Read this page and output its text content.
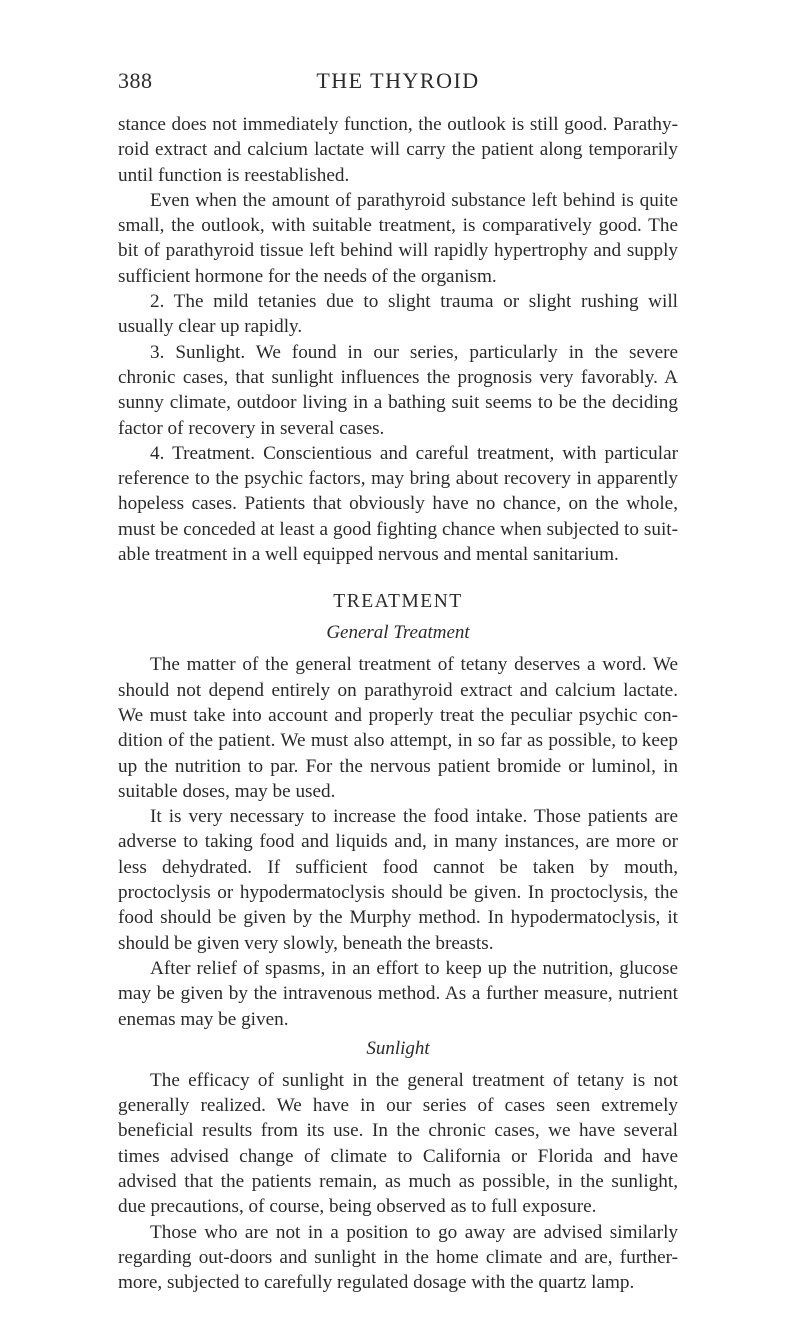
388	THE THYROID

stance does not immediately function, the outlook is still good. Parathy-roid extract and calcium lactate will carry the patient along temporarily until function is reestablished.

Even when the amount of parathyroid substance left behind is quite small, the outlook, with suitable treatment, is comparatively good. The bit of parathyroid tissue left behind will rapidly hypertrophy and supply sufficient hormone for the needs of the organism.

2. The mild tetanies due to slight trauma or slight rushing will usually clear up rapidly.

3. Sunlight. We found in our series, particularly in the severe chronic cases, that sunlight influences the prognosis very favorably. A sunny climate, outdoor living in a bathing suit seems to be the deciding factor of recovery in several cases.

4. Treatment. Conscientious and careful treatment, with particular reference to the psychic factors, may bring about recovery in apparently hopeless cases. Patients that obviously have no chance, on the whole, must be conceded at least a good fighting chance when subjected to suit-able treatment in a well equipped nervous and mental sanitarium.

TREATMENT
General Treatment

The matter of the general treatment of tetany deserves a word. We should not depend entirely on parathyroid extract and calcium lactate. We must take into account and properly treat the peculiar psychic con-dition of the patient. We must also attempt, in so far as possible, to keep up the nutrition to par. For the nervous patient bromide or luminol, in suitable doses, may be used.

It is very necessary to increase the food intake. Those patients are adverse to taking food and liquids and, in many instances, are more or less dehydrated. If sufficient food cannot be taken by mouth, proctoclysis or hypodermatoclysis should be given. In proctoclysis, the food should be given by the Murphy method. In hypodermatoclysis, it should be given very slowly, beneath the breasts.

After relief of spasms, in an effort to keep up the nutrition, glucose may be given by the intravenous method. As a further measure, nutrient enemas may be given.

Sunlight

The efficacy of sunlight in the general treatment of tetany is not generally realized. We have in our series of cases seen extremely beneficial results from its use. In the chronic cases, we have several times advised change of climate to California or Florida and have advised that the patients remain, as much as possible, in the sunlight, due precautions, of course, being observed as to full exposure.

Those who are not in a position to go away are advised similarly regarding out-doors and sunlight in the home climate and are, further-more, subjected to carefully regulated dosage with the quartz lamp.
